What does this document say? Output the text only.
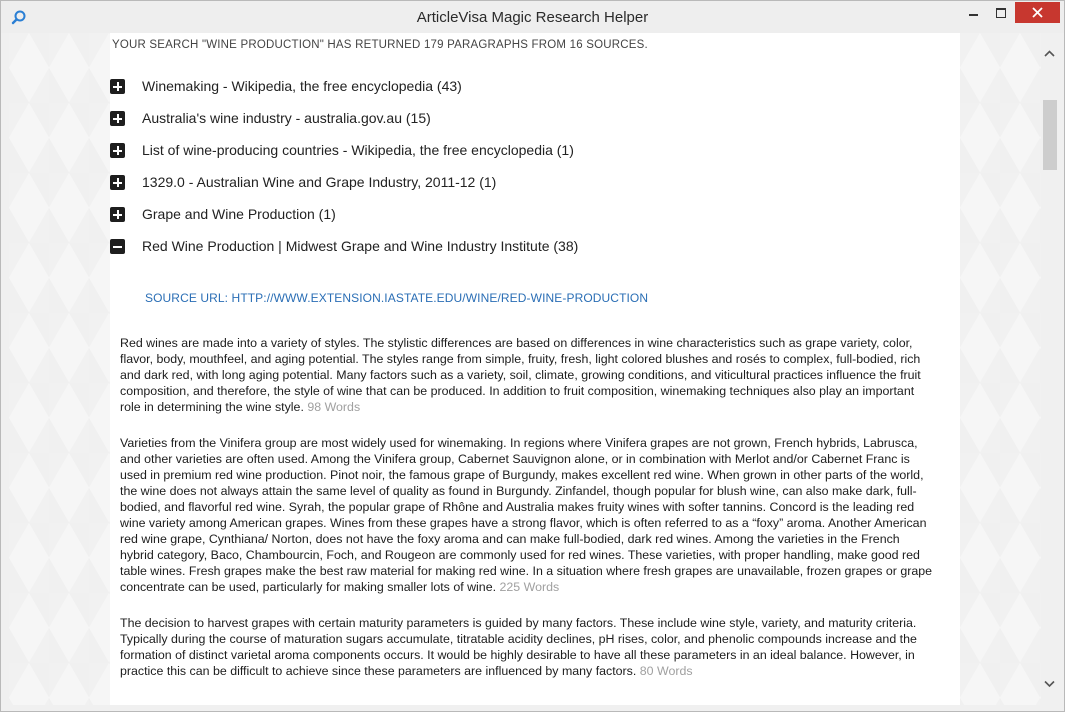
ArticleVisa Magic Research Helper
YOUR SEARCH "WINE PRODUCTION" HAS RETURNED 179 PARAGRAPHS FROM 16 SOURCES.
Winemaking - Wikipedia, the free encyclopedia (43)
Australia's wine industry - australia.gov.au (15)
List of wine-producing countries - Wikipedia, the free encyclopedia (1)
1329.0 - Australian Wine and Grape Industry, 2011-12 (1)
Grape and Wine Production (1)
Red Wine Production | Midwest Grape and Wine Industry Institute (38)
SOURCE URL: HTTP://WWW.EXTENSION.IASTATE.EDU/WINE/RED-WINE-PRODUCTION

Red wines are made into a variety of styles. The stylistic differences are based on differences in wine characteristics such as grape variety, color, flavor, body, mouthfeel, and aging potential. The styles range from simple, fruity, fresh, light colored blushes and rosés to complex, full-bodied, rich and dark red, with long aging potential. Many factors such as a variety, soil, climate, growing conditions, and viticultural practices influence the fruit composition, and therefore, the style of wine that can be produced. In addition to fruit composition, winemaking techniques also play an important role in determining the wine style. 98 Words

Varieties from the Vinifera group are most widely used for winemaking. In regions where Vinifera grapes are not grown, French hybrids, Labrusca, and other varieties are often used. Among the Vinifera group, Cabernet Sauvignon alone, or in combination with Merlot and/or Cabernet Franc is used in premium red wine production. Pinot noir, the famous grape of Burgundy, makes excellent red wine. When grown in other parts of the world, the wine does not always attain the same level of quality as found in Burgundy. Zinfandel, though popular for blush wine, can also make dark, full-bodied, and flavorful red wine. Syrah, the popular grape of Rhône and Australia makes fruity wines with softer tannins. Concord is the leading red wine variety among American grapes. Wines from these grapes have a strong flavor, which is often referred to as a “foxy” aroma. Another American red wine grape, Cynthiana/ Norton, does not have the foxy aroma and can make full-bodied, dark red wines. Among the varieties in the French hybrid category, Baco, Chambourcin, Foch, and Rougeon are commonly used for red wines. These varieties, with proper handling, make good red table wines. Fresh grapes make the best raw material for making red wine. In a situation where fresh grapes are unavailable, frozen grapes or grape concentrate can be used, particularly for making smaller lots of wine. 225 Words

The decision to harvest grapes with certain maturity parameters is guided by many factors. These include wine style, variety, and maturity criteria. Typically during the course of maturation sugars accumulate, titratable acidity declines, pH rises, color, and phenolic compounds increase and the formation of distinct varietal aroma components occurs. It would be highly desirable to have all these parameters in an ideal balance. However, in practice this can be difficult to achieve since these parameters are influenced by many factors. 80 Words
